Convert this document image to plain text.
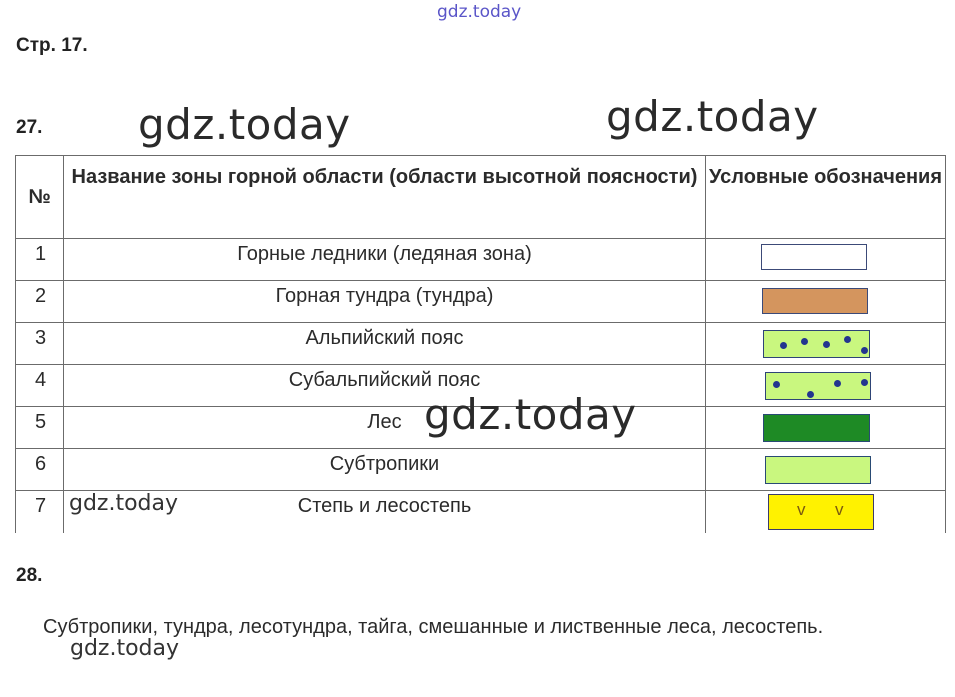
gdz.today
Стр. 17.
27.
№	Название зоны горной области (области высотной поясности)	Условные обозначения
1	Горные ледники (ледяная зона)	

2	Горная тундра (тундра)	

3	Альпийский пояс	

4	Субальпийский пояс	

5	Лес	

6	Субтропики	

7	Степь и лесостепь	v v
gdz.today	gdz.today
gdz.today
gdz.today
28.
Субтропики, тундра, лесотундра, тайга, смешанные и лиственные леса, лесостепь.
gdz.today
